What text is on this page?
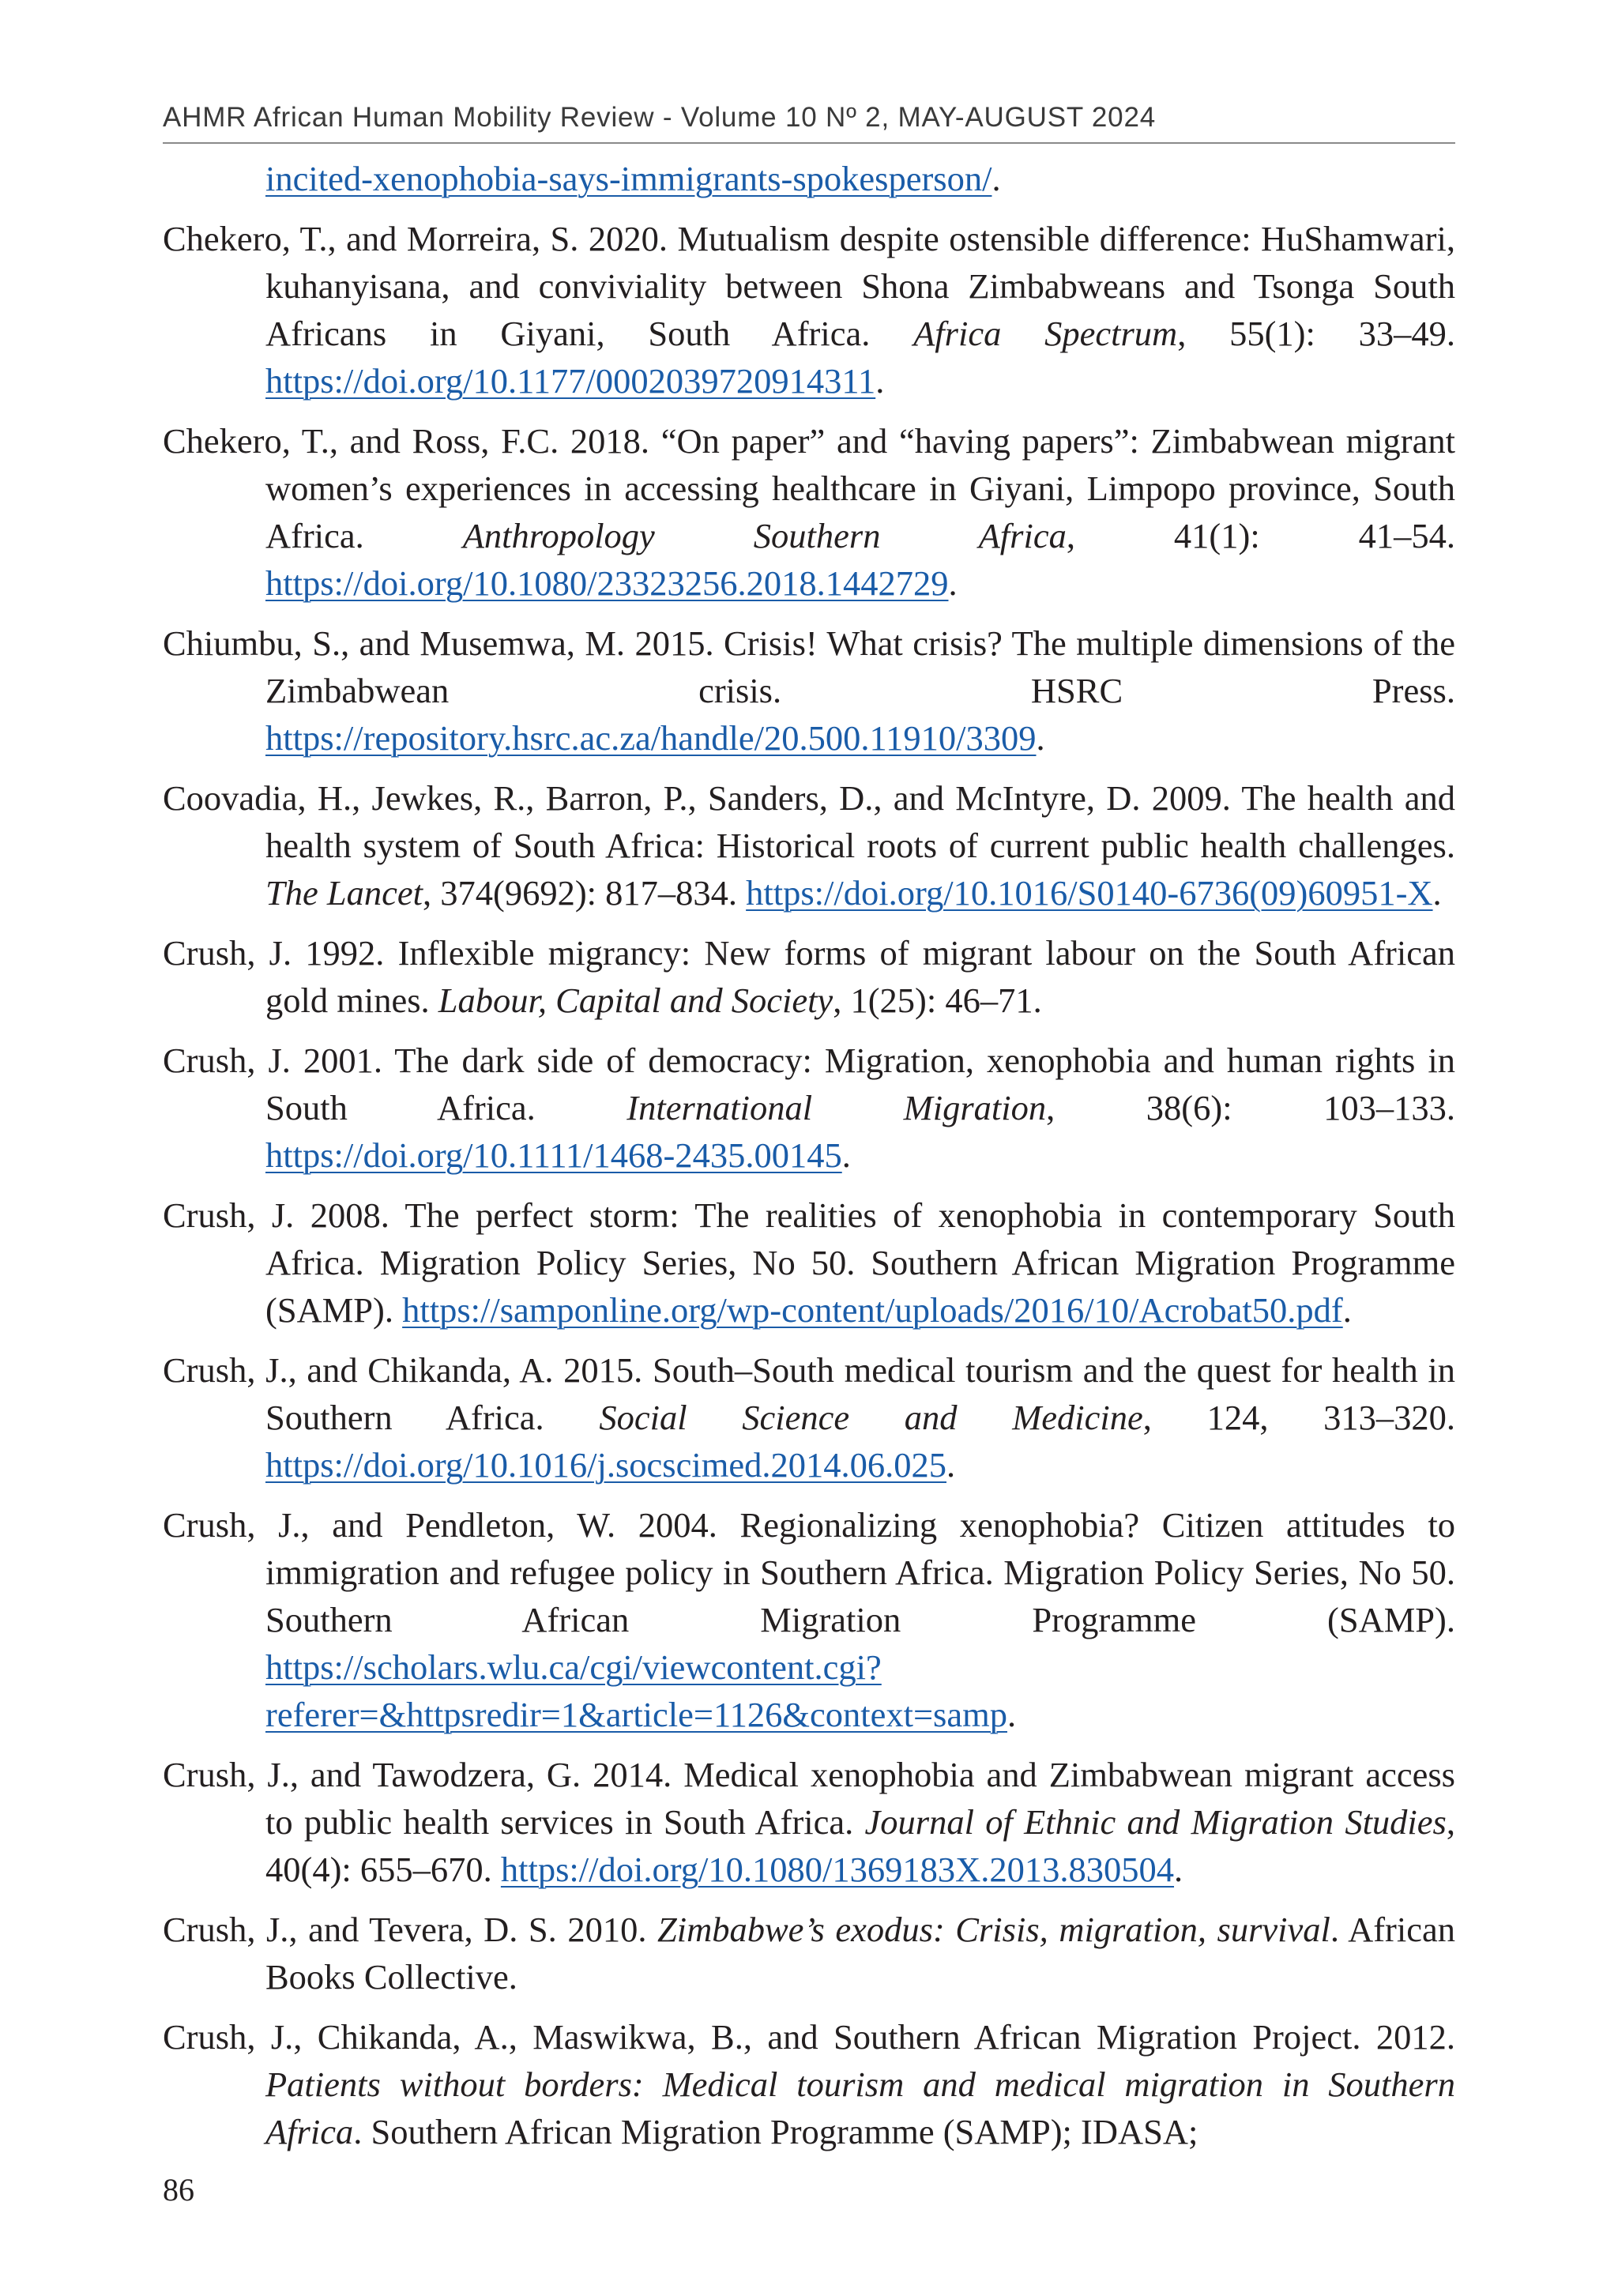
AHMR African Human Mobility Review - Volume 10 Nº 2, MAY-AUGUST 2024

incited-xenophobia-says-immigrants-spokesperson/.

Chekero, T., and Morreira, S. 2020. Mutualism despite ostensible difference: HuShamwari, kuhanyisana, and conviviality between Shona Zimbabweans and Tsonga South Africans in Giyani, South Africa. Africa Spectrum, 55(1): 33–49. https://doi.org/10.1177/0002039720914311.

Chekero, T., and Ross, F.C. 2018. “On paper” and “having papers”: Zimbabwean migrant women’s experiences in accessing healthcare in Giyani, Limpopo province, South Africa. Anthropology Southern Africa, 41(1): 41–54. https://doi.org/10.1080/23323256.2018.1442729.

Chiumbu, S., and Musemwa, M. 2015. Crisis! What crisis? The multiple dimensions of the Zimbabwean crisis. HSRC Press. https://repository.hsrc.ac.za/handle/20.500.11910/3309.

Coovadia, H., Jewkes, R., Barron, P., Sanders, D., and McIntyre, D. 2009. The health and health system of South Africa: Historical roots of current public health challenges. The Lancet, 374(9692): 817–834. https://doi.org/10.1016/S0140-6736(09)60951-X.

Crush, J. 1992. Inflexible migrancy: New forms of migrant labour on the South African gold mines. Labour, Capital and Society, 1(25): 46–71.

Crush, J. 2001. The dark side of democracy: Migration, xenophobia and human rights in South Africa. International Migration, 38(6): 103–133. https://doi.org/10.1111/1468-2435.00145.

Crush, J. 2008. The perfect storm: The realities of xenophobia in contemporary South Africa. Migration Policy Series, No 50. Southern African Migration Programme (SAMP). https://samponline.org/wp-content/uploads/2016/10/Acrobat50.pdf.

Crush, J., and Chikanda, A. 2015. South–South medical tourism and the quest for health in Southern Africa. Social Science and Medicine, 124, 313–320. https://doi.org/10.1016/j.socscimed.2014.06.025.

Crush, J., and Pendleton, W. 2004. Regionalizing xenophobia? Citizen attitudes to immigration and refugee policy in Southern Africa. Migration Policy Series, No 50. Southern African Migration Programme (SAMP). https://scholars.wlu.ca/cgi/viewcontent.cgi?referer=&httpsredir=1&article=1126&context=samp.

Crush, J., and Tawodzera, G. 2014. Medical xenophobia and Zimbabwean migrant access to public health services in South Africa. Journal of Ethnic and Migration Studies, 40(4): 655–670. https://doi.org/10.1080/1369183X.2013.830504.

Crush, J., and Tevera, D. S. 2010. Zimbabwe’s exodus: Crisis, migration, survival. African Books Collective.

Crush, J., Chikanda, A., Maswikwa, B., and Southern African Migration Project. 2012. Patients without borders: Medical tourism and medical migration in Southern Africa. Southern African Migration Programme (SAMP); IDASA;

86
